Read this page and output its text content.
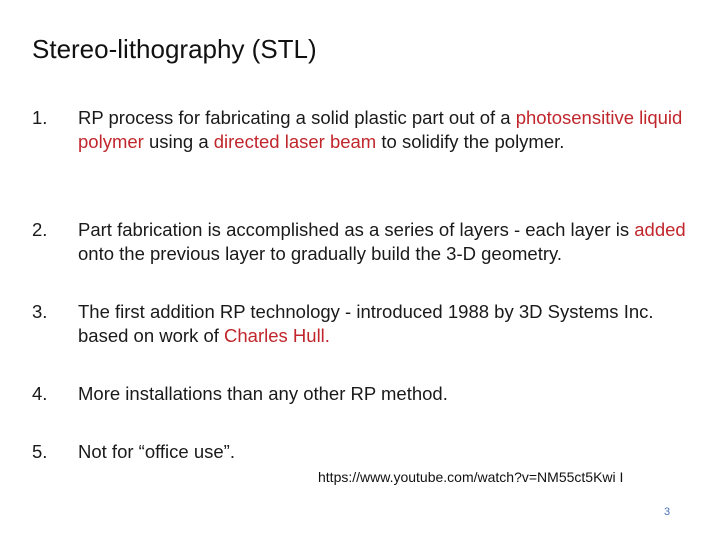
Stereo-lithography (STL)
1.	RP process for fabricating a solid plastic part out of a photosensitive liquid polymer using a directed laser beam to solidify the polymer.
2.	Part fabrication is accomplished as a series of layers - each layer is added onto the previous layer to gradually build the 3-D geometry.
3.	The first addition RP technology - introduced 1988 by 3D Systems Inc. based on work of Charles Hull.
4.	More installations than any other RP method.
5.	Not for “office use”.
https://www.youtube.com/watch?v=NM55ct5Kwi I
3
